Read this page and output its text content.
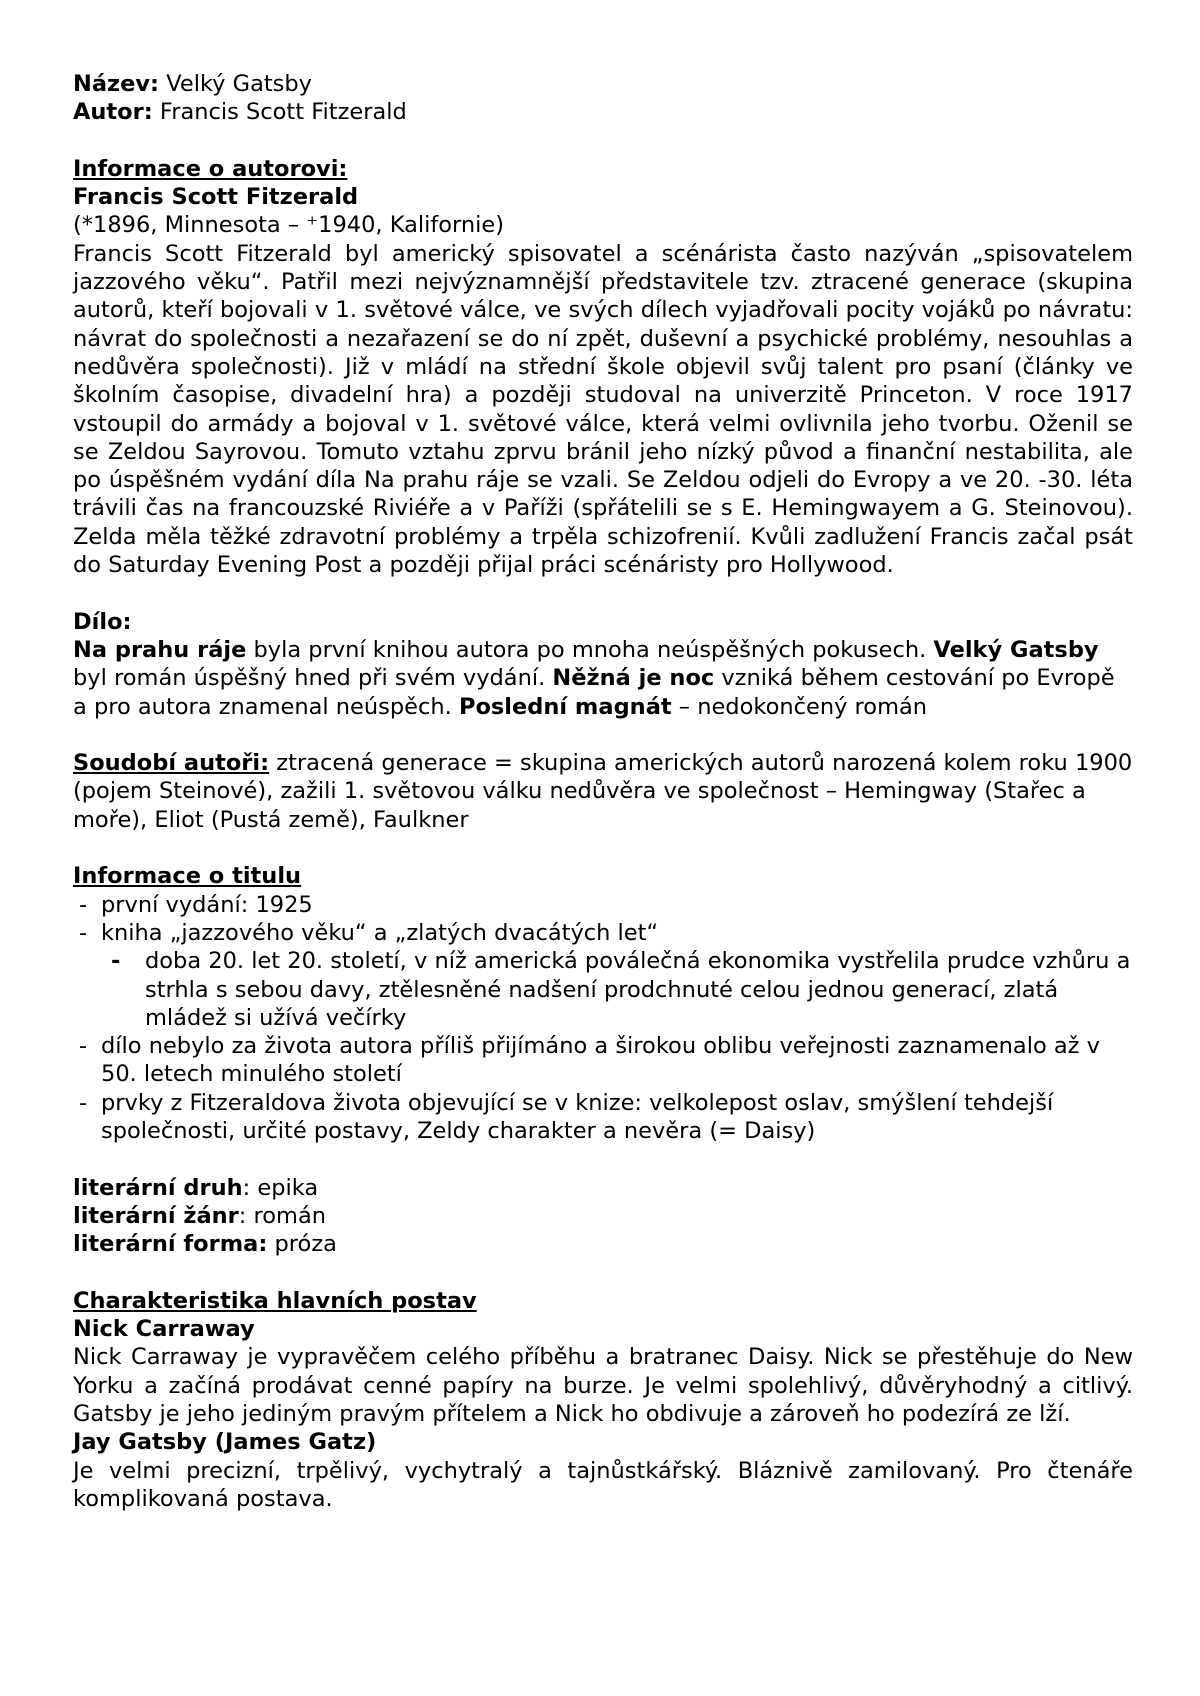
Název: Velký Gatsby

Autor: Francis Scott Fitzerald

Informace o autorovi:

Francis Scott Fitzerald

(*1896, Minnesota – ⁺1940, Kalifornie)

Francis Scott Fitzerald byl americký spisovatel a scénárista často nazýván „spisovatelem jazzového věku“. Patřil mezi nejvýznamnější představitele tzv. ztracené generace (skupina autorů, kteří bojovali v 1. světové válce, ve svých dílech vyjadřovali pocity vojáků po návratu: návrat do společnosti a nezařazení se do ní zpět, duševní a psychické problémy, nesouhlas a nedůvěra společnosti). Již v mládí na střední škole objevil svůj talent pro psaní (články ve školním časopise, divadelní hra) a později studoval na univerzitě Princeton. V roce 1917 vstoupil do armády a bojoval v 1. světové válce, která velmi ovlivnila jeho tvorbu. Oženil se se Zeldou Sayrovou. Tomuto vztahu zprvu bránil jeho nízký původ a finanční nestabilita, ale po úspěšném vydání díla Na prahu ráje se vzali. Se Zeldou odjeli do Evropy a ve 20. -30. léta trávili čas na francouzské Riviéře a v Paříži (spřátelili se s E. Hemingwayem a G. Steinovou). Zelda měla těžké zdravotní problémy a trpěla schizofrenií. Kvůli zadlužení Francis začal psát do Saturday Evening Post a později přijal práci scénáristy pro Hollywood.

Dílo:

Na prahu ráje byla první knihou autora po mnoha neúspěšných pokusech. Velký Gatsby byl román úspěšný hned při svém vydání. Něžná je noc vzniká během cestování po Evropě a pro autora znamenal neúspěch. Poslední magnát – nedokončený román

Soudobí autoři: ztracená generace = skupina amerických autorů narozená kolem roku 1900 (pojem Steinové), zažili 1. světovou válku nedůvěra ve společnost – Hemingway (Stařec a moře), Eliot (Pustá země), Faulkner

Informace o titulu

- první vydání: 1925
- kniha „jazzového věku“ a „zlatých dvacátých let“
- doba 20. let 20. století, v níž americká poválečná ekonomika vystřelila prudce vzhůru a strhla s sebou davy, ztělesněné nadšení prodchnuté celou jednou generací, zlatá mládež si užívá večírky
- dílo nebylo za života autora příliš přijímáno a širokou oblibu veřejnosti zaznamenalo až v 50. letech minulého století
- prvky z Fitzeraldova života objevující se v knize: velkolepost oslav, smýšlení tehdejší společnosti, určité postavy, Zeldy charakter a nevěra (= Daisy)

literární druh: epika

literární žánr: román

literární forma: próza

Charakteristika hlavních postav

Nick Carraway

Nick Carraway je vypravěčem celého příběhu a bratranec Daisy. Nick se přestěhuje do New Yorku a začíná prodávat cenné papíry na burze. Je velmi spolehlivý, důvěryhodný a citlivý. Gatsby je jeho jediným pravým přítelem a Nick ho obdivuje a zároveň ho podezírá ze lží.

Jay Gatsby (James Gatz)

Je velmi precizní, trpělivý, vychytralý a tajnůstkářský. Bláznivě zamilovaný. Pro čtenáře komplikovaná postava.
